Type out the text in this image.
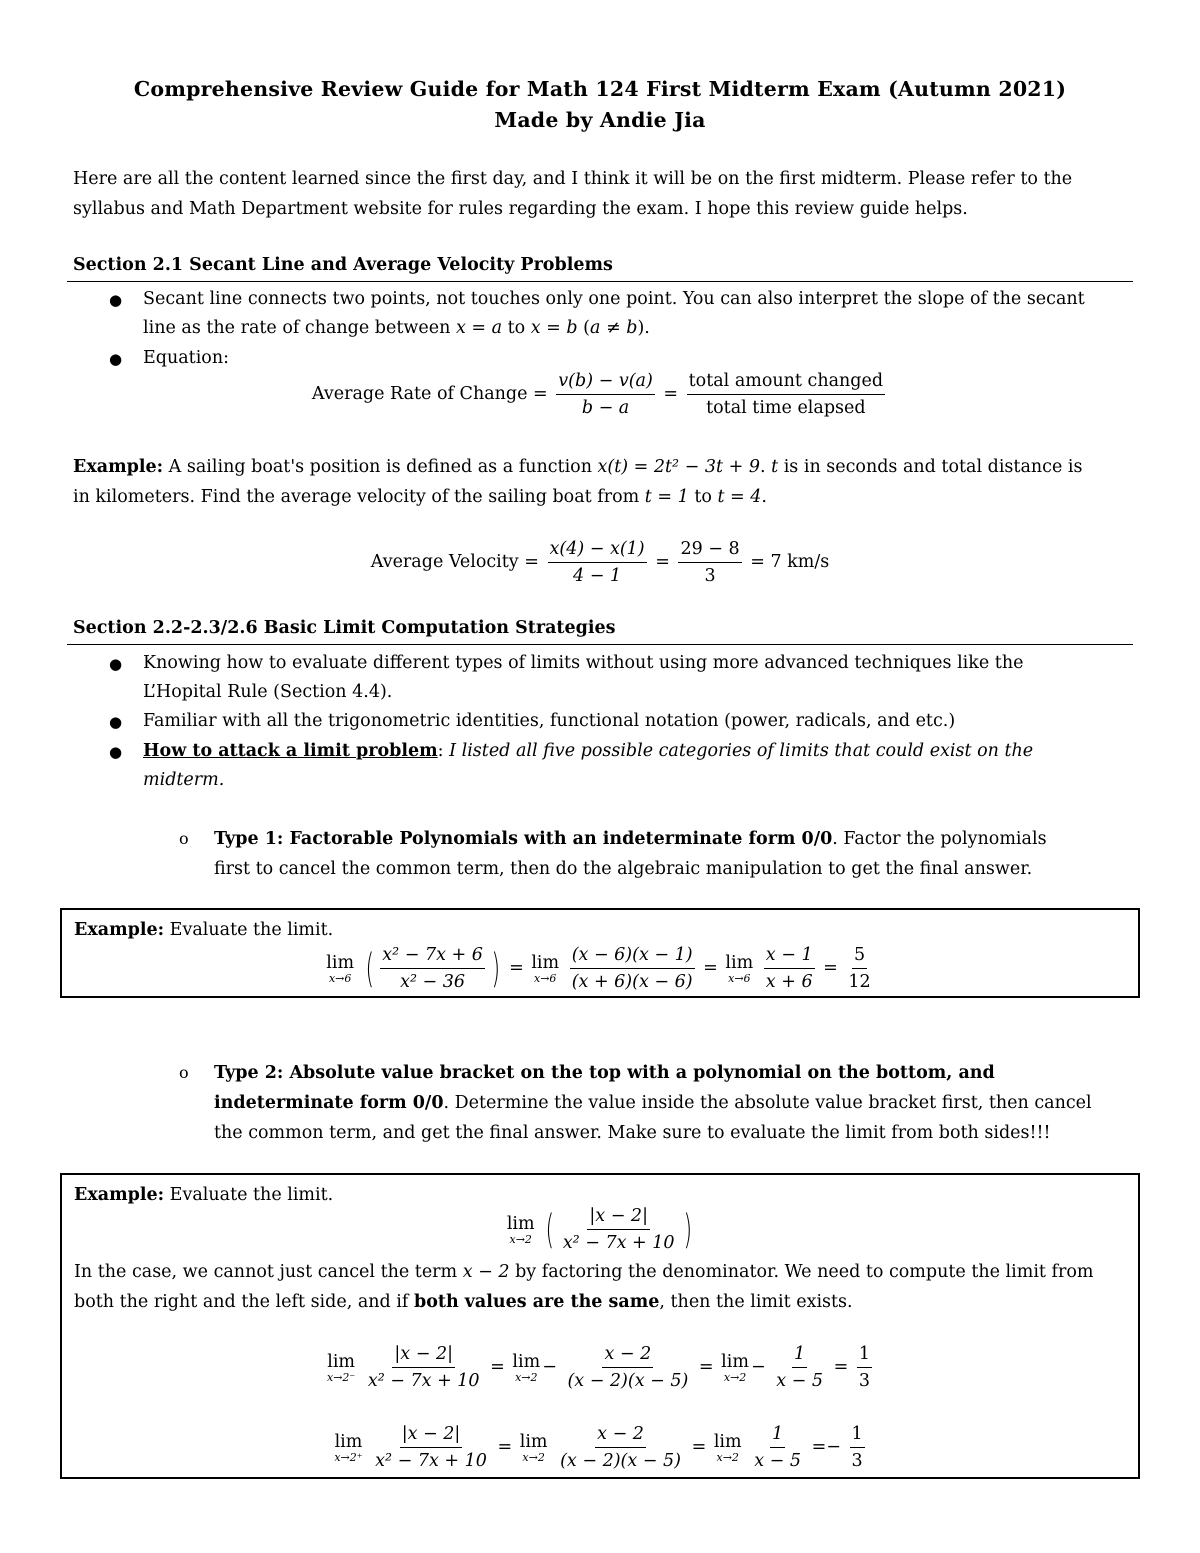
Comprehensive Review Guide for Math 124 First Midterm Exam (Autumn 2021)
Made by Andie Jia
Here are all the content learned since the first day, and I think it will be on the first midterm. Please refer to the
syllabus and Math Department website for rules regarding the exam. I hope this review guide helps.
Section 2.1 Secant Line and Average Velocity Problems
● Secant line connects two points, not touches only one point. You can also interpret the slope of the secant
line as the rate of change between x = a to x = b (a ≠ b).
● Equation:
Average Rate of Change = $\frac{v(b) - v(a)}{b - a} = \frac{\text{total amount changed}}{\text{total time elapsed}}$
Example: A sailing boat's position is defined as a function x(t) = 2t² − 3t + 9. t is in seconds and total distance is
in kilometers. Find the average velocity of the sailing boat from t = 1 to t = 4.
Average Velocity = $\frac{x(4) - x(1)}{4 - 1} = \frac{29 - 8}{3} = 7$ km/s
Section 2.2-2.3/2.6 Basic Limit Computation Strategies
● Knowing how to evaluate different types of limits without using more advanced techniques like the
L’Hopital Rule (Section 4.4).
● Familiar with all the trigonometric identities, functional notation (power, radicals, and etc.)
● How to attack a limit problem: I listed all five possible categories of limits that could exist on the
midterm.
o Type 1: Factorable Polynomials with an indeterminate form 0/0. Factor the polynomials
first to cancel the common term, then do the algebraic manipulation to get the final answer.
Example: Evaluate the limit.
lim
x→6 ( $\frac{\text{x² − 7x + 6}}{\text{x² − 36}}$ ) = lim
x→6
$\frac{(x - 6)(x - 1)}{(x + 6)(x - 6)} = \lim$
x→6
$\frac{x - 1}{x + 6} = \frac{5}{12}$
o Type 2: Absolute value bracket on the top with a polynomial on the bottom, and
indeterminate form 0/0. Determine the value inside the absolute value bracket first, then cancel
the common term, and get the final answer. Make sure to evaluate the limit from both sides!!!
Example: Evaluate the limit.
lim
x→2 ( $\frac{|x - 2|}{\text{x² − 7x + 10}}$ )
In the case, we cannot just cancel the term x − 2 by factoring the denominator. We need to compute the limit from
both the right and the left side, and if both values are the same, then the limit exists.
lim
x→2⁻
$\frac{|x - 2|}{\text{x² − 7x + 10}} = \lim$
$x\to 2 - \frac{x - 2}{(x - 2)(x - 5)} = \lim$
$x\to 2 - \frac{1}{x - 5} = \frac{1}{3}$
lim
x→2⁺
$\frac{|x - 2|}{\text{x² − 7x + 10}} = \lim$
x→2
$\frac{x - 2}{(x - 2)(x - 5)} = \lim$
x→2
$\frac{1}{x - 5} =- \frac{1}{3}$
